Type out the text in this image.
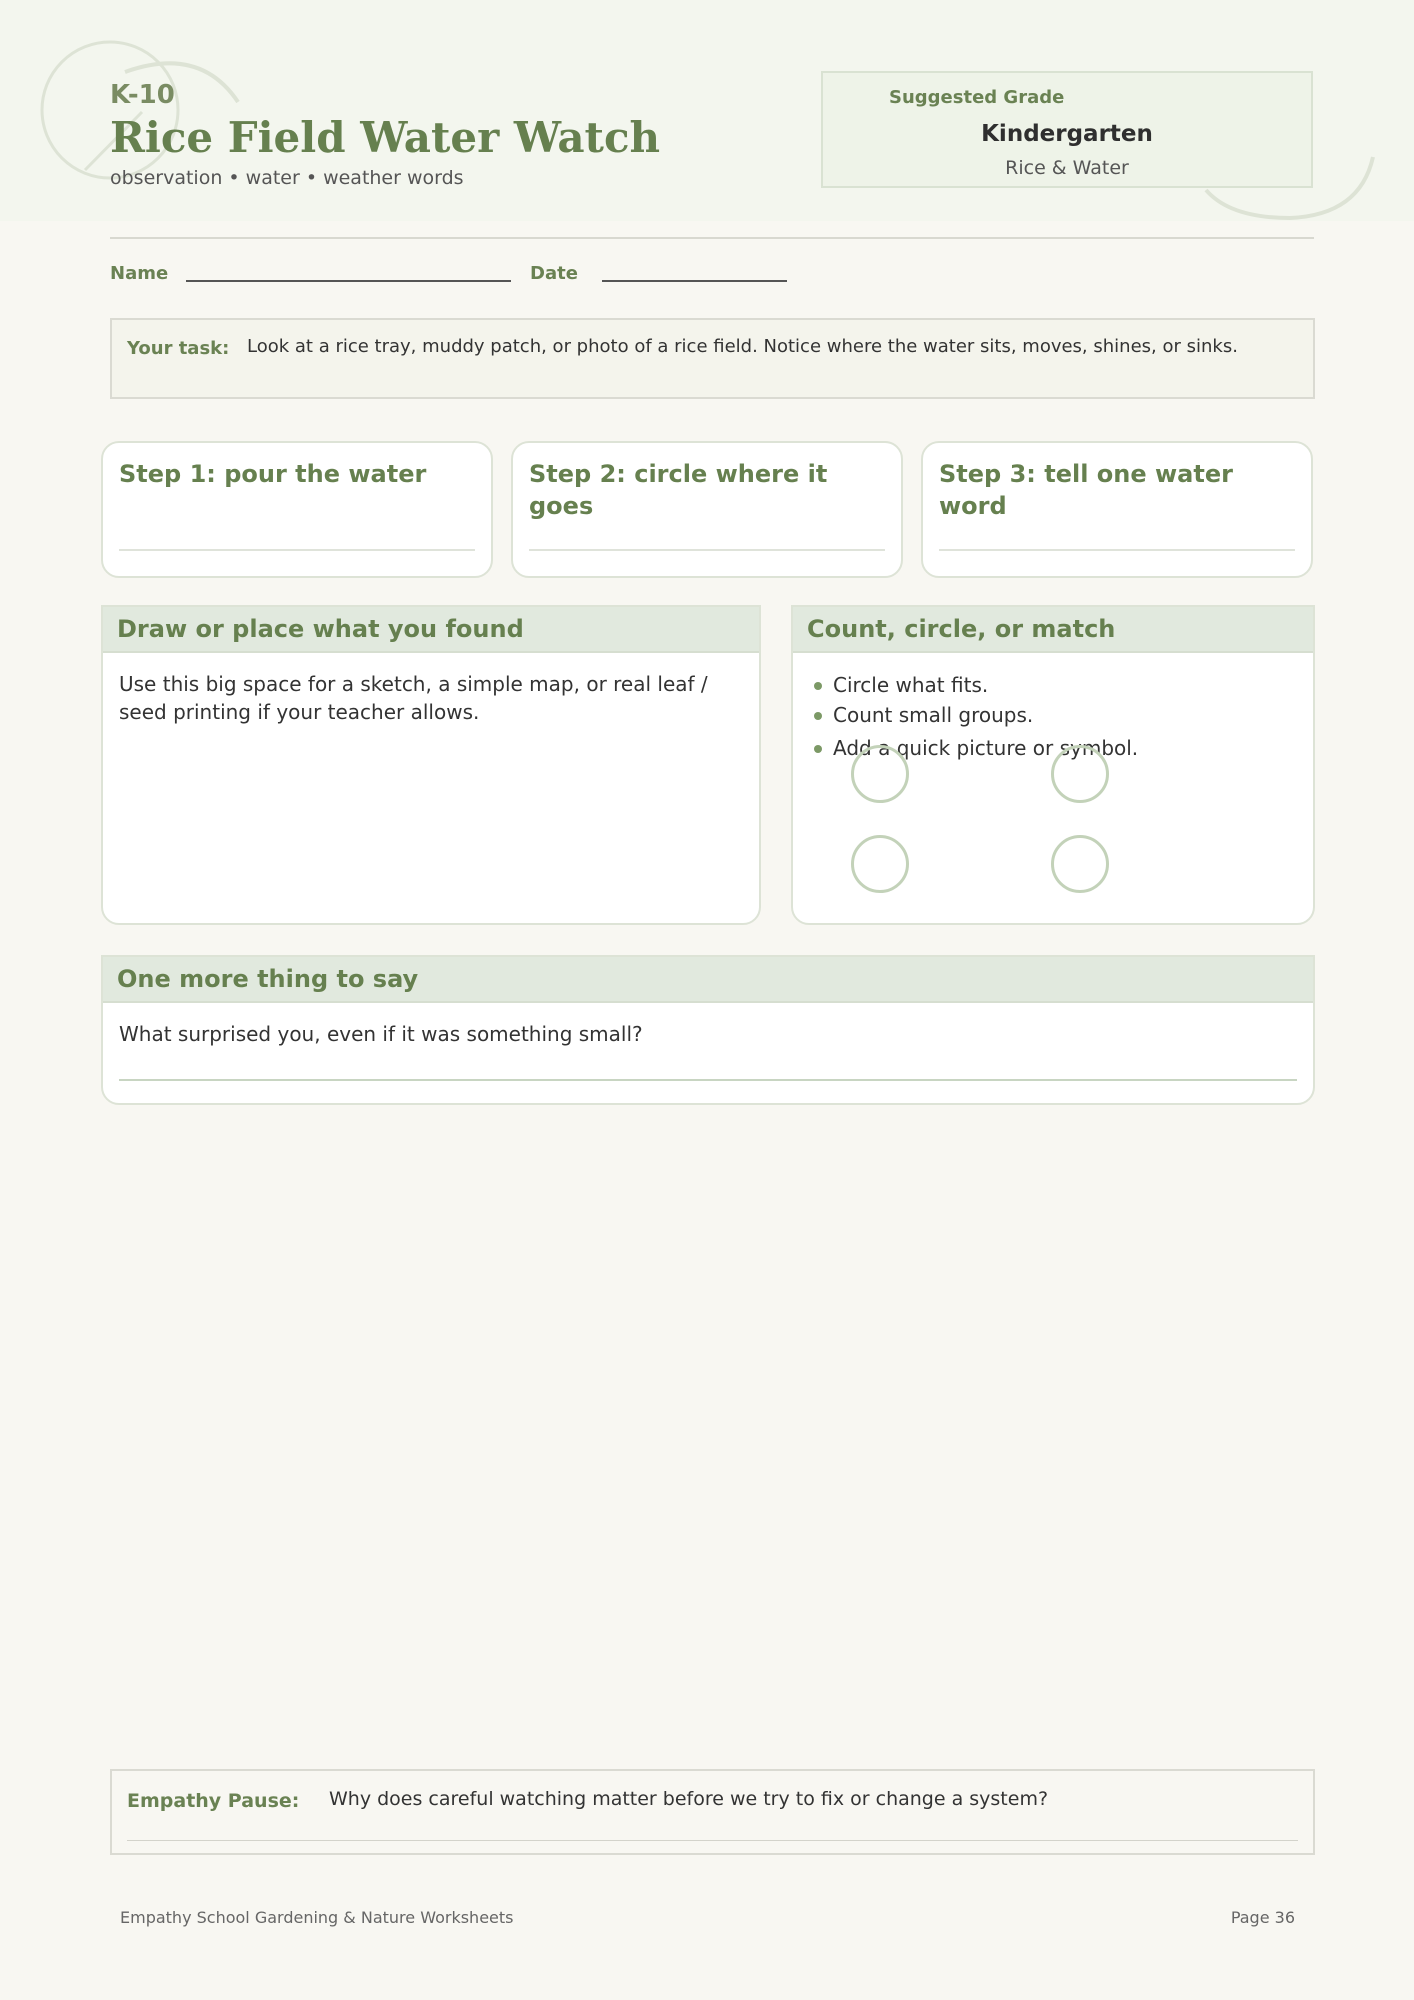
K-10
Rice Field Water Watch
observation • water • weather words
Suggested Grade
Kindergarten
Rice & Water
Name	Date
Your task: Look at a rice tray, muddy patch, or photo of a rice field. Notice where the water sits, moves, shines, or sinks.
Step 1: pour the water	Step 2: circle where it goes
Step 3: tell one water word
Draw or place what you found
Use this big space for a sketch, a simple map, or real leaf / seed printing if your teacher allows.
Count, circle, or match
Circle what fits.
Count small groups.
Add a quick picture or symbol.
One more thing to say
What surprised you, even if it was something small?
Empathy Pause: Why does careful watching matter before we try to fix or change a system?
Empathy School Gardening & Nature Worksheets	Page 36
